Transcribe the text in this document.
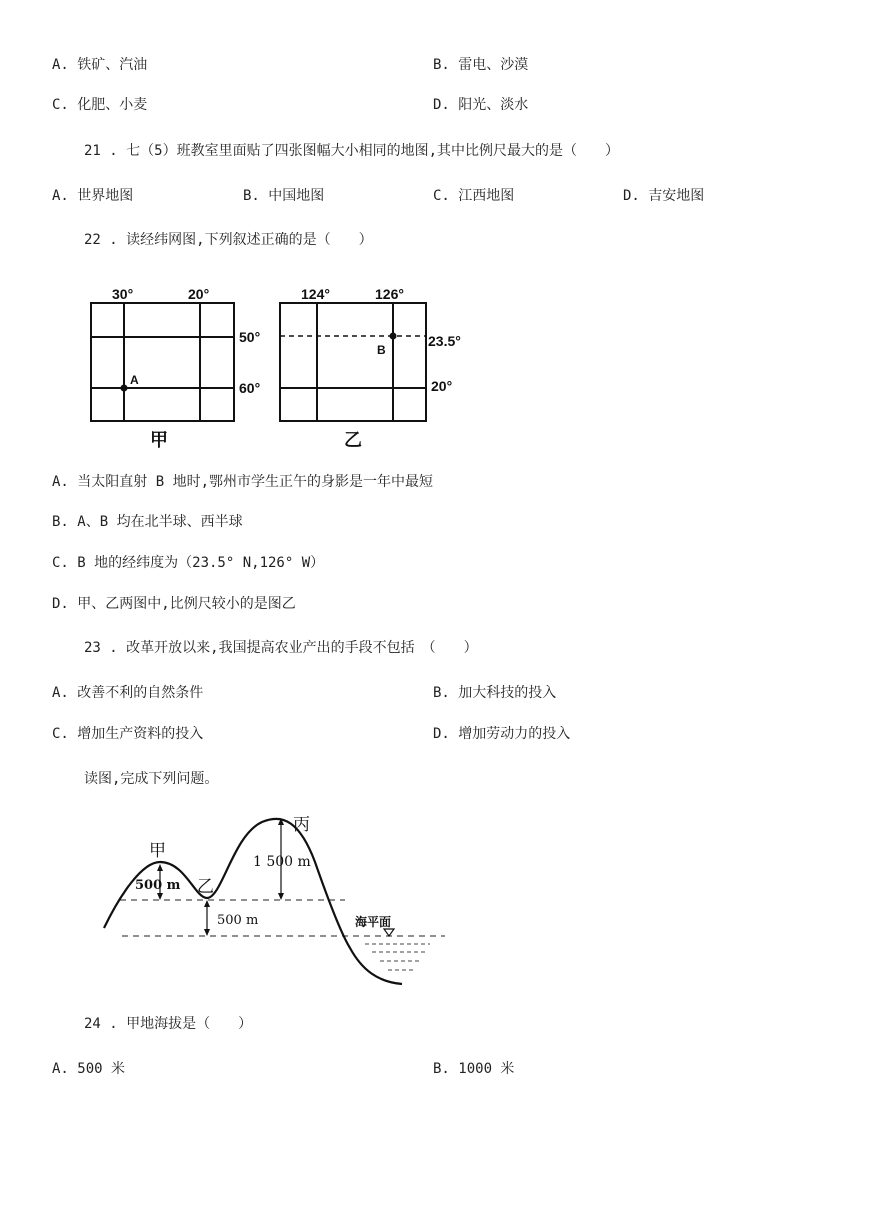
A. 铁矿、汽油	B. 雷电、沙漠
C. 化肥、小麦	D. 阳光、淡水
21 . 七（5）班教室里面贴了四张图幅大小相同的地图,其中比例尺最大的是（　　）
A. 世界地图	B. 中国地图	C. 江西地图	D. 吉安地图
22 . 读经纬网图,下列叙述正确的是（　　）
30°	20°
50°
60°
A
甲
124°	126°
23.5°
20°
B
乙
A. 当太阳直射 B 地时,鄂州市学生正午的身影是一年中最短
B. A、B 均在北半球、西半球
C. B 地的经纬度为（23.5° N,126° W）
D. 甲、乙两图中,比例尺较小的是图乙
23 . 改革开放以来,我国提高农业产出的手段不包括　（　　）
A. 改善不利的自然条件	B. 加大科技的投入
C. 增加生产资料的投入	D. 增加劳动力的投入
读图,完成下列问题。
甲
乙
丙
500 m
500 m
1 500 m
海平面
24 . 甲地海拔是（　　）
A. 500 米	B. 1000 米
